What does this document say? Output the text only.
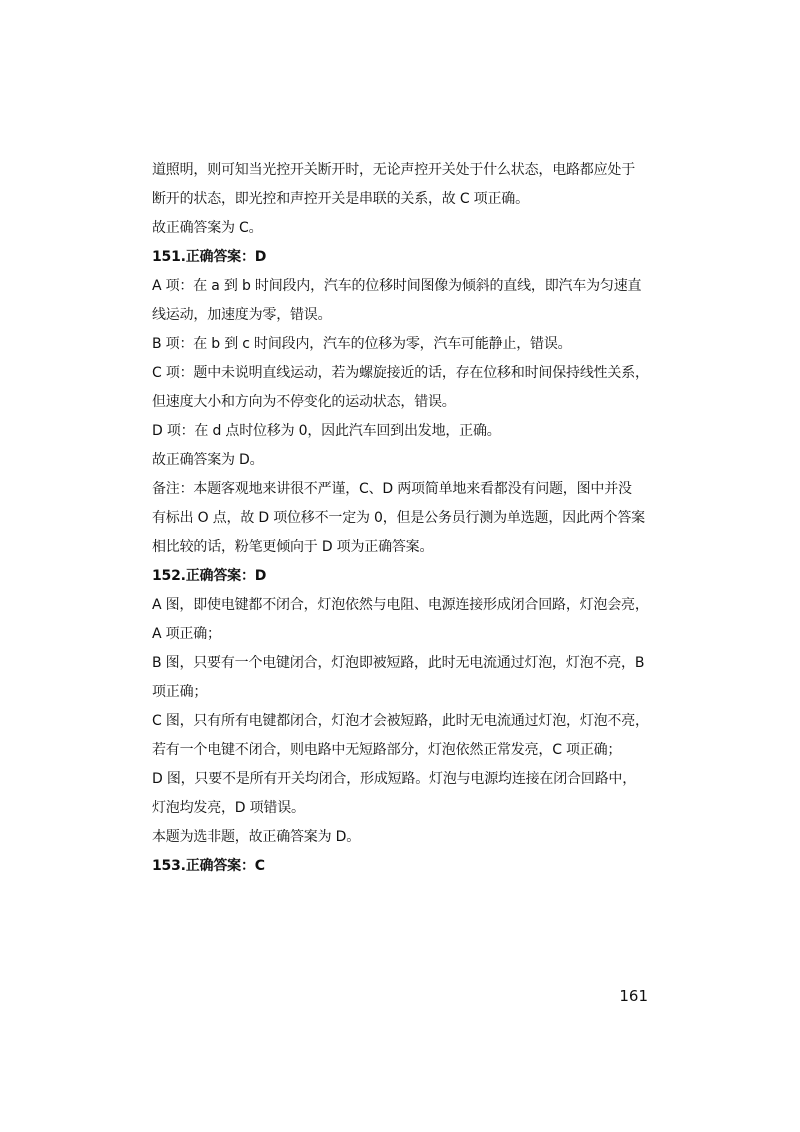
道照明，则可知当光控开关断开时，无论声控开关处于什么状态，电路都应处于
断开的状态，即光控和声控开关是串联的关系，故 C 项正确。
故正确答案为 C。
151.正确答案：D
A 项：在 a 到 b 时间段内，汽车的位移时间图像为倾斜的直线，即汽车为匀速直
线运动，加速度为零，错误。
B 项：在 b 到 c 时间段内，汽车的位移为零，汽车可能静止，错误。
C 项：题中未说明直线运动，若为螺旋接近的话，存在位移和时间保持线性关系，
但速度大小和方向为不停变化的运动状态，错误。
D 项：在 d 点时位移为 0，因此汽车回到出发地，正确。
故正确答案为 D。
备注：本题客观地来讲很不严谨，C、D 两项简单地来看都没有问题，图中并没
有标出 O 点，故 D 项位移不一定为 0，但是公务员行测为单选题，因此两个答案
相比较的话，粉笔更倾向于 D 项为正确答案。
152.正确答案：D
A 图，即使电键都不闭合，灯泡依然与电阻、电源连接形成闭合回路，灯泡会亮，
A 项正确；
B 图，只要有一个电键闭合，灯泡即被短路，此时无电流通过灯泡，灯泡不亮，B
项正确；
C 图，只有所有电键都闭合，灯泡才会被短路，此时无电流通过灯泡，灯泡不亮，
若有一个电键不闭合，则电路中无短路部分，灯泡依然正常发亮，C 项正确；
D 图，只要不是所有开关均闭合，形成短路。灯泡与电源均连接在闭合回路中，
灯泡均发亮，D 项错误。
本题为选非题，故正确答案为 D。
153.正确答案：C
161
